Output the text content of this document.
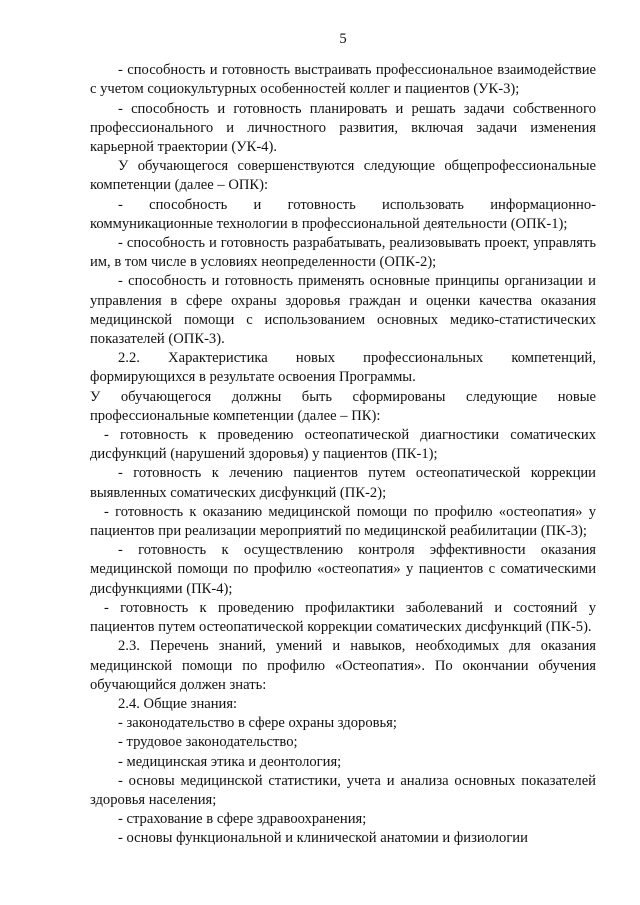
5

- способность и готовность выстраивать профессиональное взаимодействие с учетом социокультурных особенностей коллег и пациентов (УК-3);

- способность и готовность планировать и решать задачи собственного профессионального и личностного развития, включая задачи изменения карьерной траектории (УК-4).

У обучающегося совершенствуются следующие общепрофессиональные компетенции (далее – ОПК):

- способность и готовность использовать информационно-коммуникационные технологии в профессиональной деятельности (ОПК-1);

- способность и готовность разрабатывать, реализовывать проект, управлять им, в том числе в условиях неопределенности (ОПК-2);

- способность и готовность применять основные принципы организации и управления в сфере охраны здоровья граждан и оценки качества оказания медицинской помощи с использованием основных медико-статистических показателей (ОПК-3).

2.2. Характеристика новых профессиональных компетенций, формирующихся в результате освоения Программы.

У обучающегося должны быть сформированы следующие новые профессиональные компетенции (далее – ПК):

- готовность к проведению остеопатической диагностики соматических дисфункций (нарушений здоровья) у пациентов (ПК-1);

- готовность к лечению пациентов путем остеопатической коррекции выявленных соматических дисфункций (ПК-2);

- готовность к оказанию медицинской помощи по профилю «остеопатия» у пациентов при реализации мероприятий по медицинской реабилитации (ПК-3);

- готовность к осуществлению контроля эффективности оказания медицинской помощи по профилю «остеопатия» у пациентов с соматическими дисфункциями (ПК-4);

- готовность к проведению профилактики заболеваний и состояний у пациентов путем остеопатической коррекции соматических дисфункций (ПК-5).

2.3. Перечень знаний, умений и навыков, необходимых для оказания медицинской помощи по профилю «Остеопатия». По окончании обучения обучающийся должен знать:

2.4. Общие знания:

- законодательство в сфере охраны здоровья;

- трудовое законодательство;

- медицинская этика и деонтология;

- основы медицинской статистики, учета и анализа основных показателей здоровья населения;

- страхование в сфере здравоохранения;

- основы функциональной и клинической анатомии и физиологии
